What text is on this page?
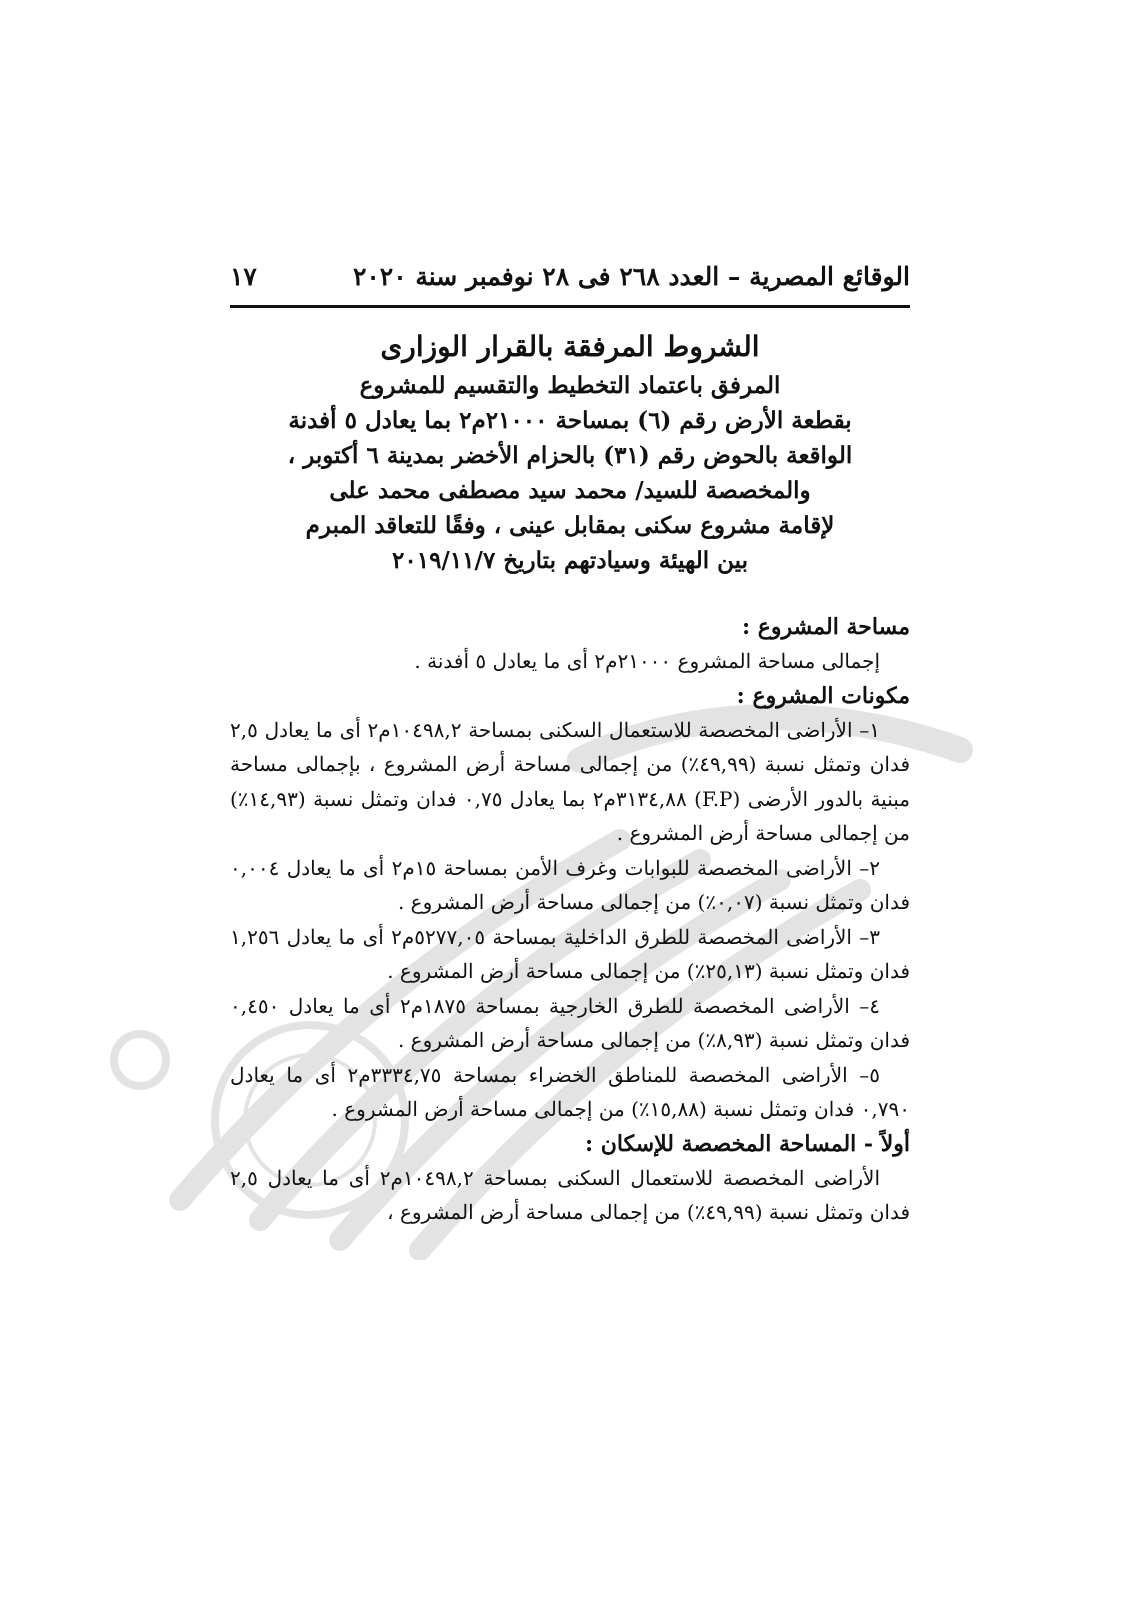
الوقائع المصرية – العدد ٢٦٨ فى ٢٨ نوفمبر سنة ٢٠٢٠
١٧

الشروط المرفقة بالقرار الوزارى

المرفق باعتماد التخطيط والتقسيم للمشروع

بقطعة الأرض رقم (٦) بمساحة ٢١٠٠٠م٢ بما يعادل ٥ أفدنة

الواقعة بالحوض رقم (٣١) بالحزام الأخضر بمدينة ٦ أكتوبر ،

والمخصصة للسيد/ محمد سيد مصطفى محمد على

لإقامة مشروع سكنى بمقابل عينى ، وفقًا للتعاقد المبرم

بين الهيئة وسيادتهم بتاريخ ٢٠١٩/١١/٧

مساحة المشروع :

إجمالى مساحة المشروع ٢١٠٠٠م٢ أى ما يعادل ٥ أفدنة .

مكونات المشروع :

١– الأراضى المخصصة للاستعمال السكنى بمساحة ١٠٤٩٨,٢م٢ أى ما يعادل ٢,٥ فدان وتمثل نسبة (٤٩,٩٩٪) من إجمالى مساحة أرض المشروع ، بإجمالى مساحة مبنية بالدور الأرضى (F.P) ٣١٣٤,٨٨م٢ بما يعادل ٠,٧٥ فدان وتمثل نسبة (١٤,٩٣٪) من إجمالى مساحة أرض المشروع .

٢– الأراضى المخصصة للبوابات وغرف الأمن بمساحة ١٥م٢ أى ما يعادل ٠,٠٠٤ فدان وتمثل نسبة (٠,٠٧٪) من إجمالى مساحة أرض المشروع .

٣– الأراضى المخصصة للطرق الداخلية بمساحة ٥٢٧٧,٠٥م٢ أى ما يعادل ١,٢٥٦ فدان وتمثل نسبة (٢٥,١٣٪) من إجمالى مساحة أرض المشروع .

٤– الأراضى المخصصة للطرق الخارجية بمساحة ١٨٧٥م٢ أى ما يعادل ٠,٤٥٠ فدان وتمثل نسبة (٨,٩٣٪) من إجمالى مساحة أرض المشروع .

٥– الأراضى المخصصة للمناطق الخضراء بمساحة ٣٣٣٤,٧٥م٢ أى ما يعادل ٠,٧٩٠ فدان وتمثل نسبة (١٥,٨٨٪) من إجمالى مساحة أرض المشروع .

أولاً - المساحة المخصصة للإسكان :

الأراضى المخصصة للاستعمال السكنى بمساحة ١٠٤٩٨,٢م٢ أى ما يعادل ٢,٥ فدان وتمثل نسبة (٤٩,٩٩٪) من إجمالى مساحة أرض المشروع ،
